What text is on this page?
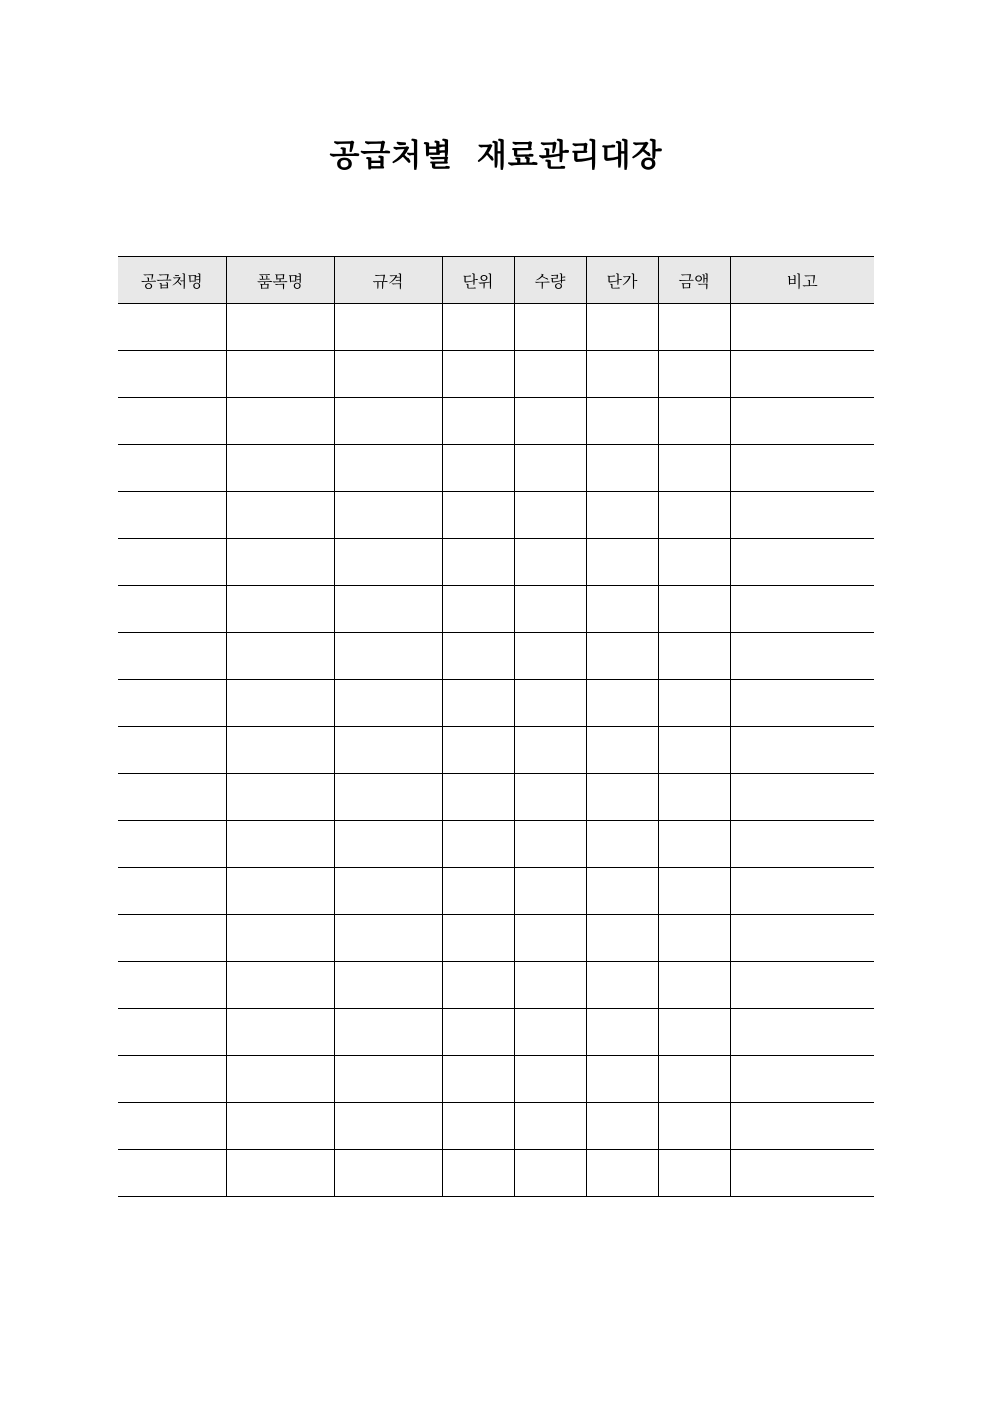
공급처별  재료관리대장
공급처명	품목명	규격	단위	수량	단가	금액	비고
